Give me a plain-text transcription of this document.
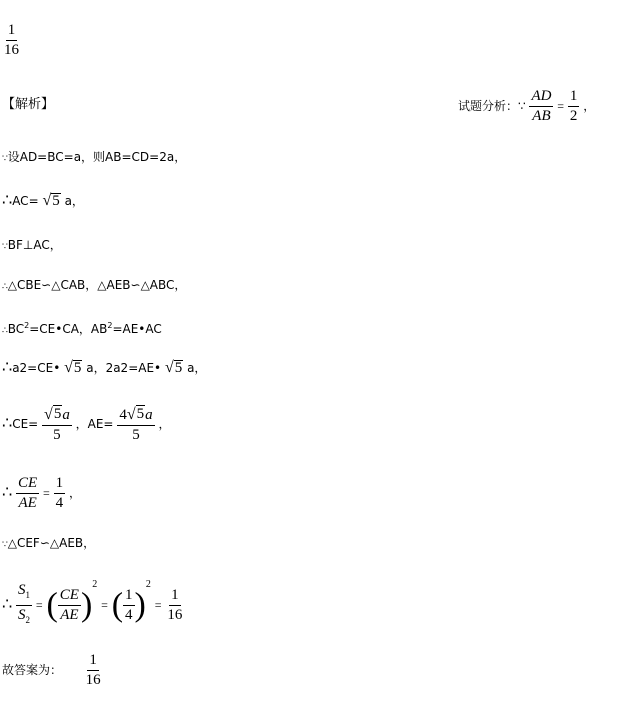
$\frac{1}{16}$
【解析】	试题分析：∵ $\frac{AD}{AB} = \frac{1}{2}$ ，
∵设AD=BC=a，则AB=CD=2a，
∴AC= √ 5 a，
∵BF⊥AC，
∴△CBE∽△CAB，△AEB∽△ABC，
$\therefore BC^2=CE•CA$，$AB^2=AE•AC$
∴a2=CE• √ 5 a，2a2=AE• √ 5 a，
∴CE= $\frac{√ 5 a}{5}$ ，$AE= \frac{4 √ 5 a}{5}$ ，
∴ $\frac{CE}{AE} = \frac{1}{4}$ ，
∵△CEF∽△AEB，
∴ $\frac{S_1}{S_2}$ = ( $\frac{CE}{AE} )^2$ = ( $\frac{1}{4} )^2 = \frac{1}{16}$
故答案为： $\frac{1}{16}$
